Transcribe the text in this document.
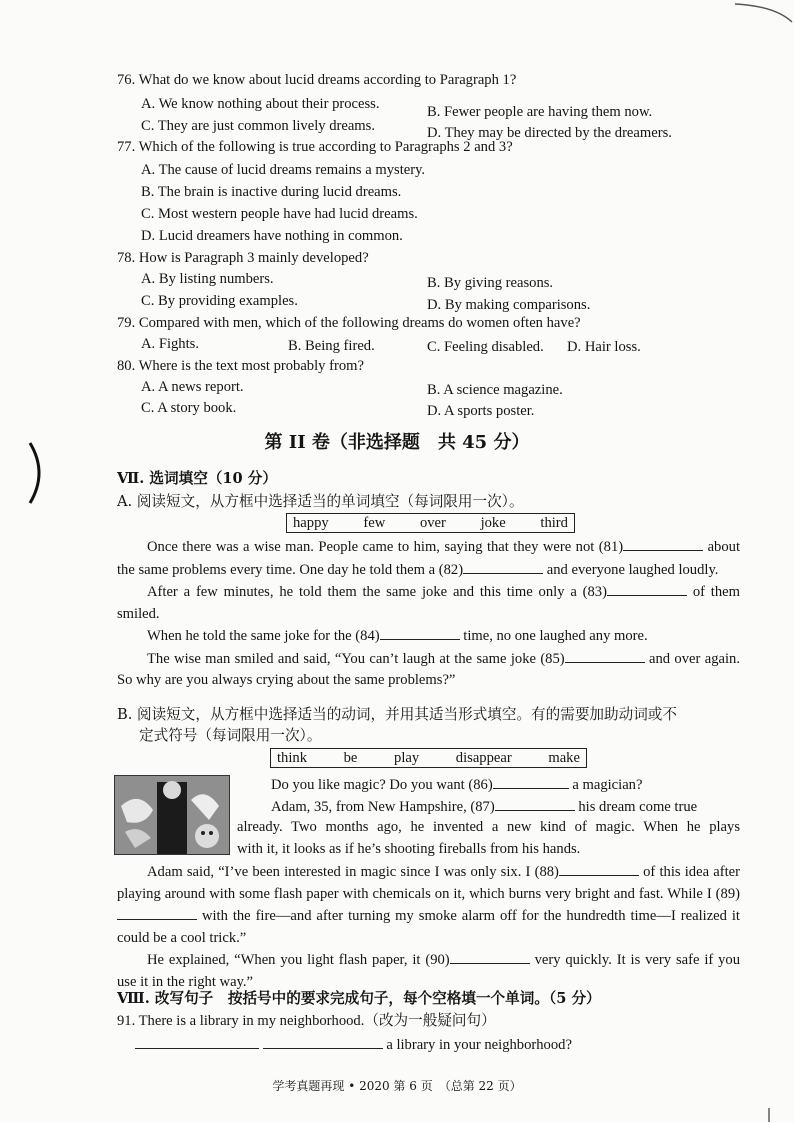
76. What do we know about lucid dreams according to Paragraph 1?
A. We know nothing about their process.	B. Fewer people are having them now.
C. They are just common lively dreams.	D. They may be directed by the dreamers.
77. Which of the following is true according to Paragraphs 2 and 3?
A. The cause of lucid dreams remains a mystery.
B. The brain is inactive during lucid dreams.
C. Most western people have had lucid dreams.
D. Lucid dreamers have nothing in common.
78. How is Paragraph 3 mainly developed?
A. By listing numbers.	B. By giving reasons.
C. By providing examples.	D. By making comparisons.
79. Compared with men, which of the following dreams do women often have?
A. Fights.	B. Being fired.	C. Feeling disabled. D. Hair loss.
80. Where is the text most probably from?
A. A news report.	B. A science magazine.
C. A story book.	D. A sports poster.
第 II 卷（非选择题　共 45 分）
Ⅶ. 选词填空（10 分）
A. 阅读短文，从方框中选择适当的单词填空（每词限用一次）。
happy few over joke third

Once there was a wise man. People came to him, saying that they were not (81)	about the same problems every time. One day he told them a (82)	and everyone laughed loudly.

After a few minutes, he told them the same joke and this time only a (83)	of them smiled.

When he told the same joke for the (84)	time, no one laughed any more.

The wise man smiled and said, “You can’t laugh at the same joke (85)	and over again. So why are you always crying about the same problems?”

B. 阅读短文，从方框中选择适当的动词，并用其适当形式填空。有的需要加助动词或不
定式符号（每词限用一次）。
think	be	play	disappear	make
Do you like magic? Do you want (86)	a magician?
Adam, 35, from New Hampshire, (87)	his dream come true
already. Two months ago, he invented a new kind of magic. When he plays
with it, it looks as if he’s shooting fireballs from his hands.

Adam said, “I’ve been interested in magic since I was only six. I (88)	of this idea after playing around with some flash paper with chemicals on it, which burns very bright and fast. While I (89) with the fire—and after turning my smoke alarm off for the hundredth time—I realized it could be a cool trick.”

He explained, “When you light flash paper, it (90)	very quickly. It is very safe if you use it in the right way.”

Ⅷ. 改写句子　按括号中的要求完成句子，每个空格填一个单词。（5 分）
91. There is a library in my neighborhood.（改为一般疑问句）
a library in your neighborhood?
学考真题再现 • 2020 第 6 页　（总第 22 页）
